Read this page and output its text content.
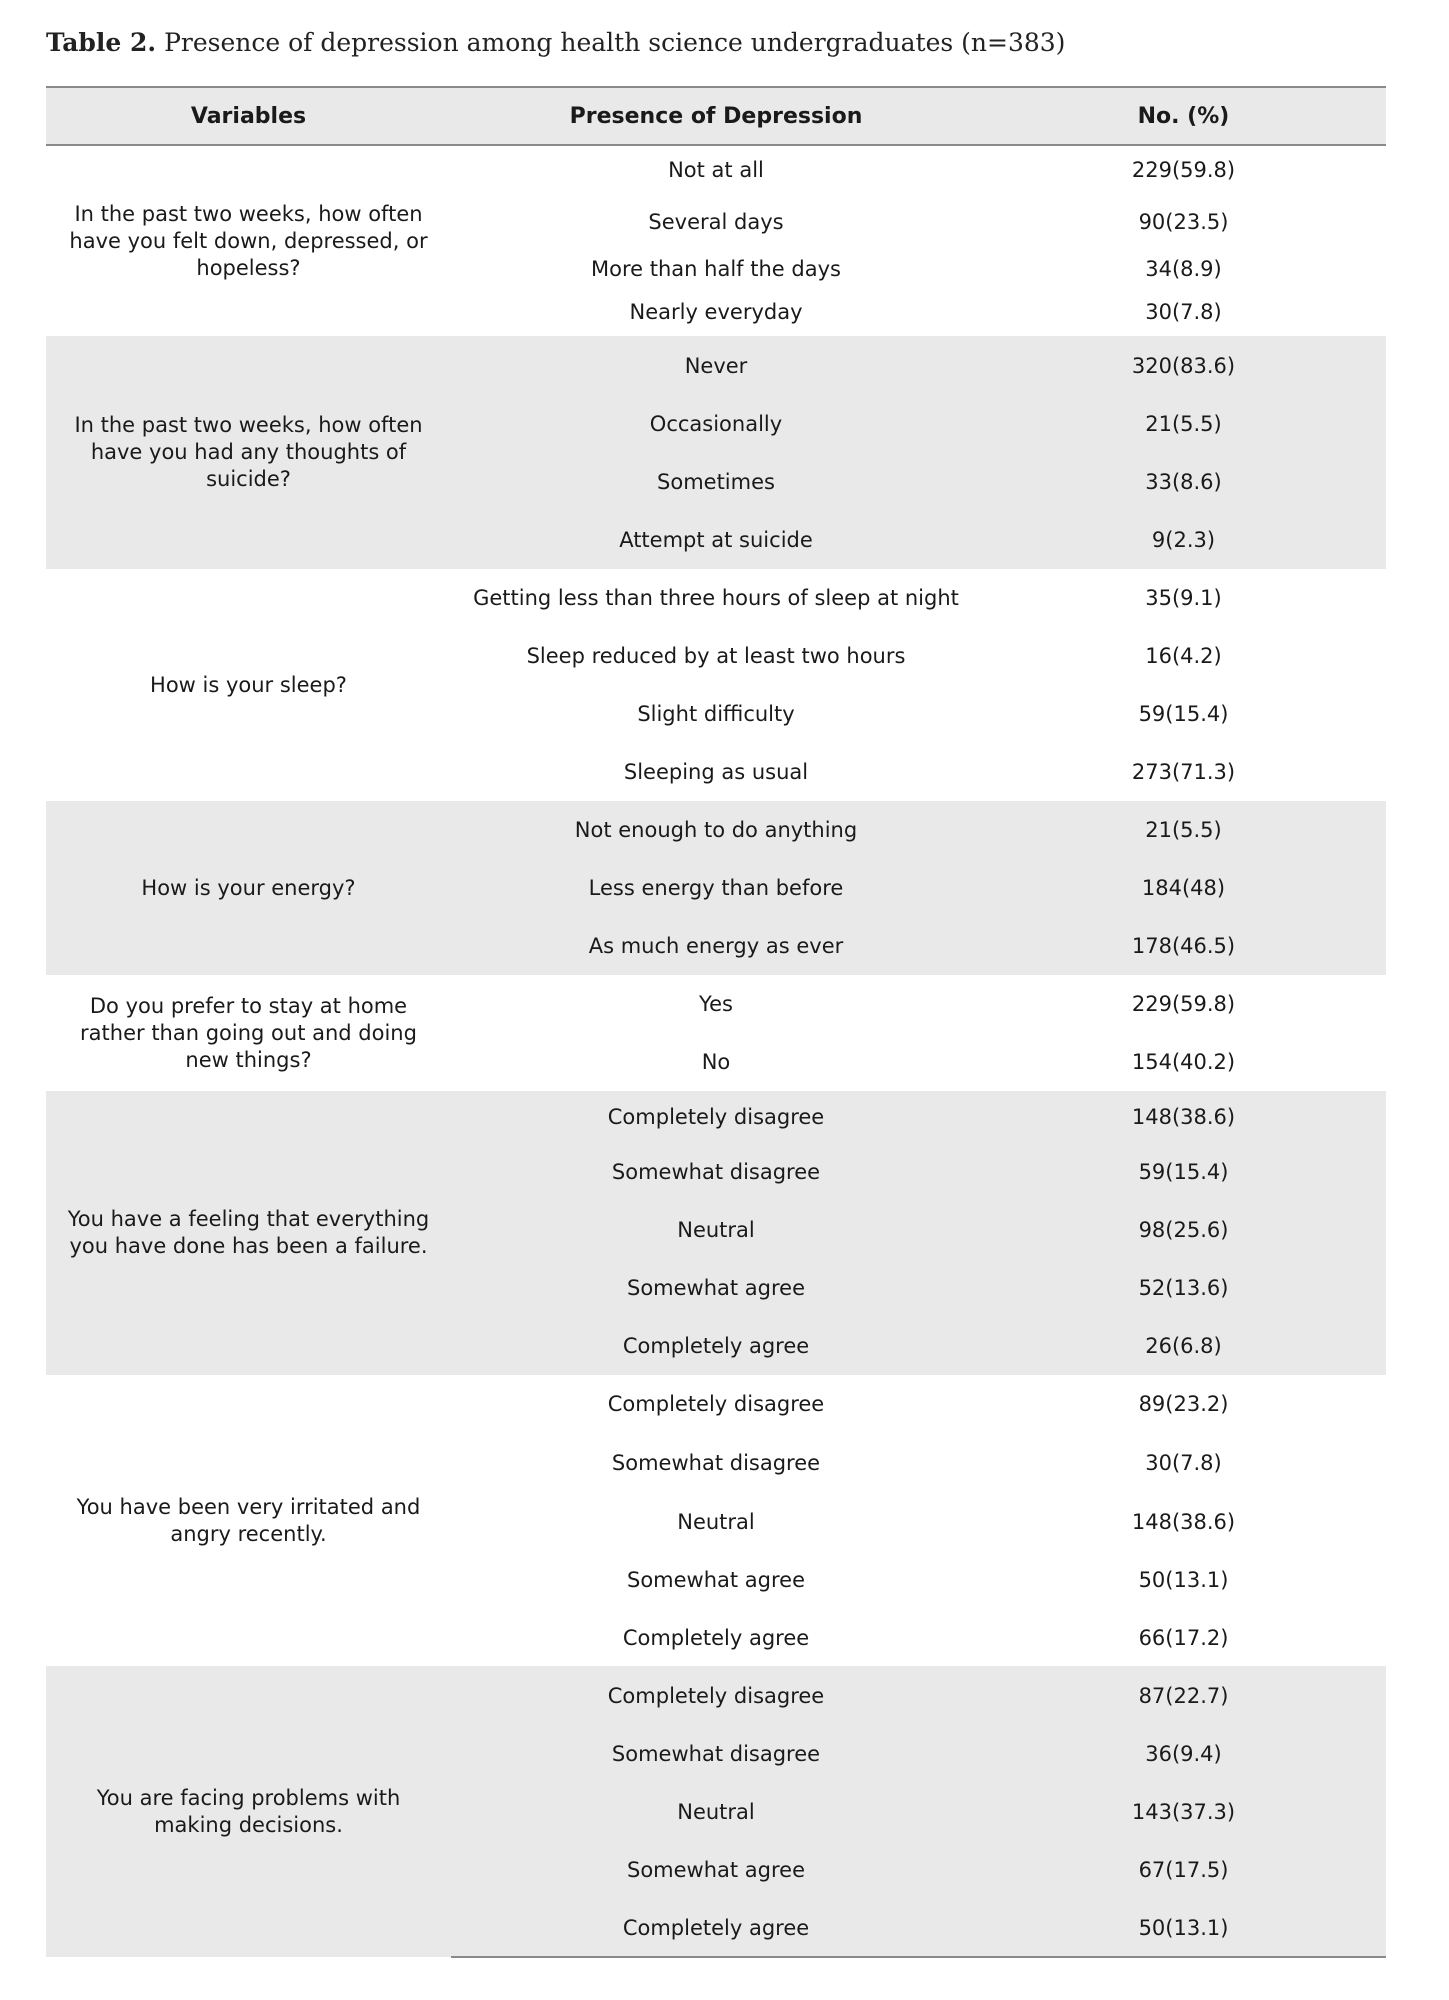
Table 2. Presence of depression among health science undergraduates (n=383)
Variables	Presence of Depression	No. (%)
In the past two weeks, how often have you felt down, depressed, or hopeless?	Not at all	229(59.8)
	Several days	90(23.5)
	More than half the days	34(8.9)
	Nearly everyday	30(7.8)
In the past two weeks, how often have you had any thoughts of suicide?	Never	320(83.6)
	Occasionally	21(5.5)
	Sometimes	33(8.6)
	Attempt at suicide	9(2.3)
How is your sleep?	Getting less than three hours of sleep at night	35(9.1)
	Sleep reduced by at least two hours	16(4.2)
	Slight difficulty	59(15.4)
	Sleeping as usual	273(71.3)
How is your energy?	Not enough to do anything	21(5.5)
	Less energy than before	184(48)
	As much energy as ever	178(46.5)
Do you prefer to stay at home rather than going out and doing new things?	Yes	229(59.8)
	No	154(40.2)
You have a feeling that everything you have done has been a failure.	Completely disagree	148(38.6)
	Somewhat disagree	59(15.4)
	Neutral	98(25.6)
	Somewhat agree	52(13.6)
	Completely agree	26(6.8)
You have been very irritated and angry recently.	Completely disagree	89(23.2)
	Somewhat disagree	30(7.8)
	Neutral	148(38.6)
	Somewhat agree	50(13.1)
	Completely agree	66(17.2)
You are facing problems with making decisions.	Completely disagree	87(22.7)
	Somewhat disagree	36(9.4)
	Neutral	143(37.3)
	Somewhat agree	67(17.5)
	Completely agree	50(13.1)
